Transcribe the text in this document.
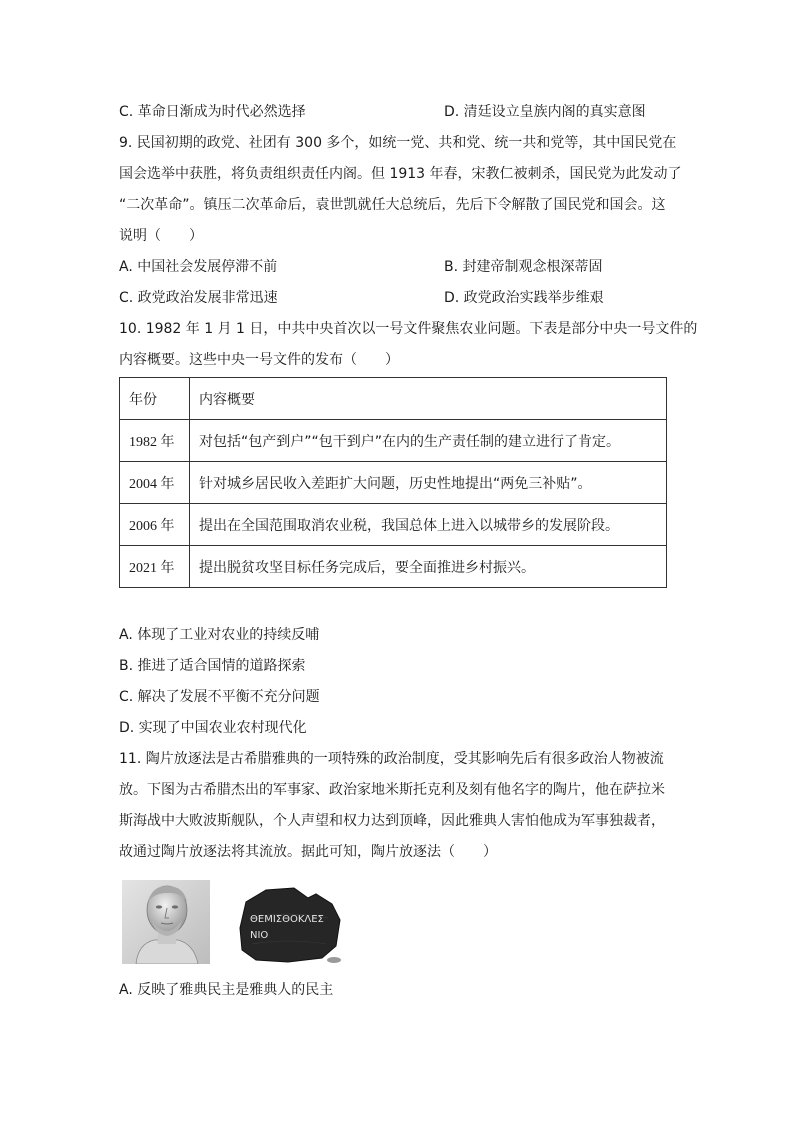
C. 革命日渐成为时代必然选择	D. 清廷设立皇族内阁的真实意图
9. 民国初期的政党、社团有 300 多个，如统一党、共和党、统一共和党等，其中国民党在
国会选举中获胜，将负责组织责任内阁。但 1913 年春，宋教仁被刺杀，国民党为此发动了
“二次革命”。镇压二次革命后，袁世凯就任大总统后，先后下令解散了国民党和国会。这
说明（　　）
A. 中国社会发展停滞不前	B. 封建帝制观念根深蒂固
C. 政党政治发展非常迅速	D. 政党政治实践举步维艰
10. 1982 年 1 月 1 日，中共中央首次以一号文件聚焦农业问题。下表是部分中央一号文件的
内容概要。这些中央一号文件的发布（　　）
年份	内容概要
1982 年	对包括“包产到户”“包干到户”在内的生产责任制的建立进行了肯定。
2004 年	针对城乡居民收入差距扩大问题，历史性地提出“两免三补贴”。
2006 年	提出在全国范围取消农业税，我国总体上进入以城带乡的发展阶段。
2021 年	提出脱贫攻坚目标任务完成后，要全面推进乡村振兴。
A. 体现了工业对农业的持续反哺
B. 推进了适合国情的道路探索
C. 解决了发展不平衡不充分问题
D. 实现了中国农业农村现代化
11. 陶片放逐法是古希腊雅典的一项特殊的政治制度，受其影响先后有很多政治人物被流
放。下图为古希腊杰出的军事家、政治家地米斯托克利及刻有他名字的陶片，他在萨拉米
斯海战中大败波斯舰队，个人声望和权力达到顶峰，因此雅典人害怕他成为军事独裁者，
故通过陶片放逐法将其流放。据此可知，陶片放逐法（　　）
ΘEMIΣΘOKΛEΣ
NIO
A. 反映了雅典民主是雅典人的民主
